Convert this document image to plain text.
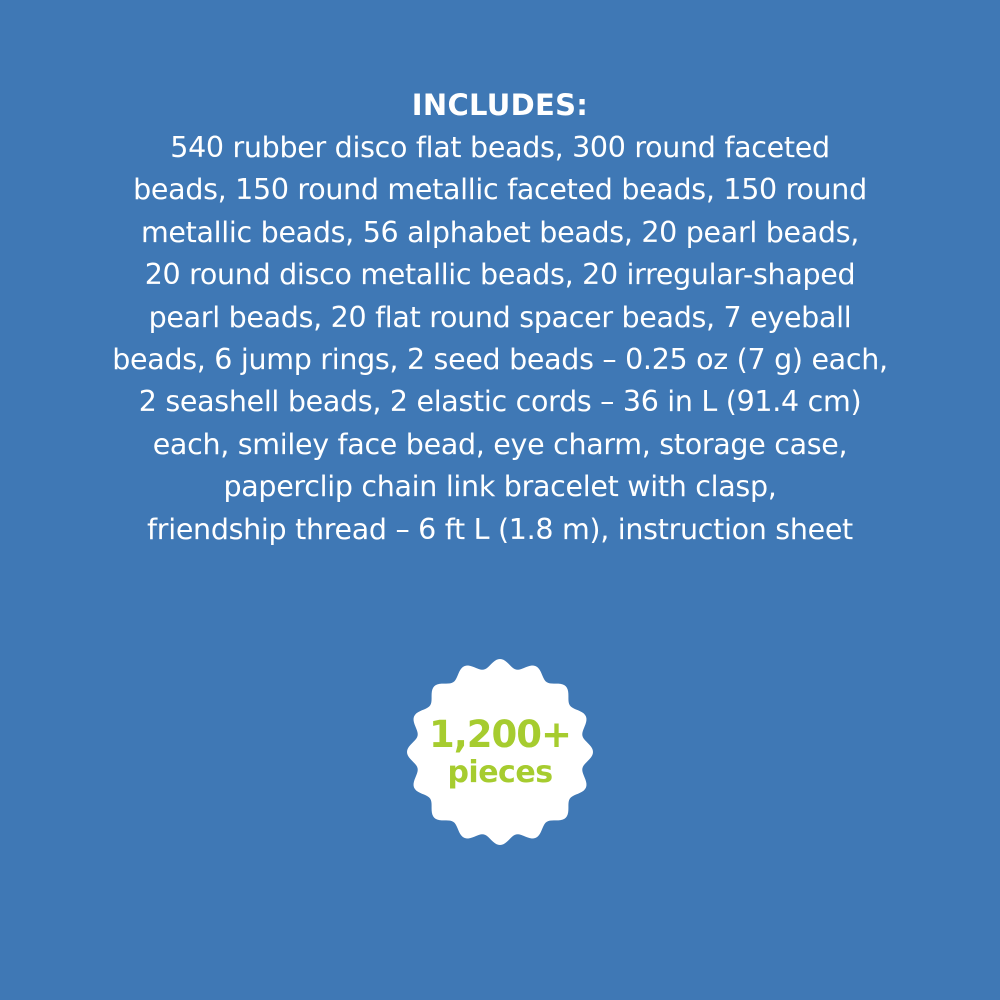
INCLUDES:
540 rubber disco flat beads, 300 round faceted
beads, 150 round metallic faceted beads, 150 round
metallic beads, 56 alphabet beads, 20 pearl beads,
20 round disco metallic beads, 20 irregular-shaped
pearl beads, 20 flat round spacer beads, 7 eyeball
beads, 6 jump rings, 2 seed beads – 0.25 oz (7 g) each,
2 seashell beads, 2 elastic cords – 36 in L (91.4 cm)
each, smiley face bead, eye charm, storage case,
paperclip chain link bracelet with clasp,
friendship thread – 6 ft L (1.8 m), instruction sheet
1,200+
pieces
